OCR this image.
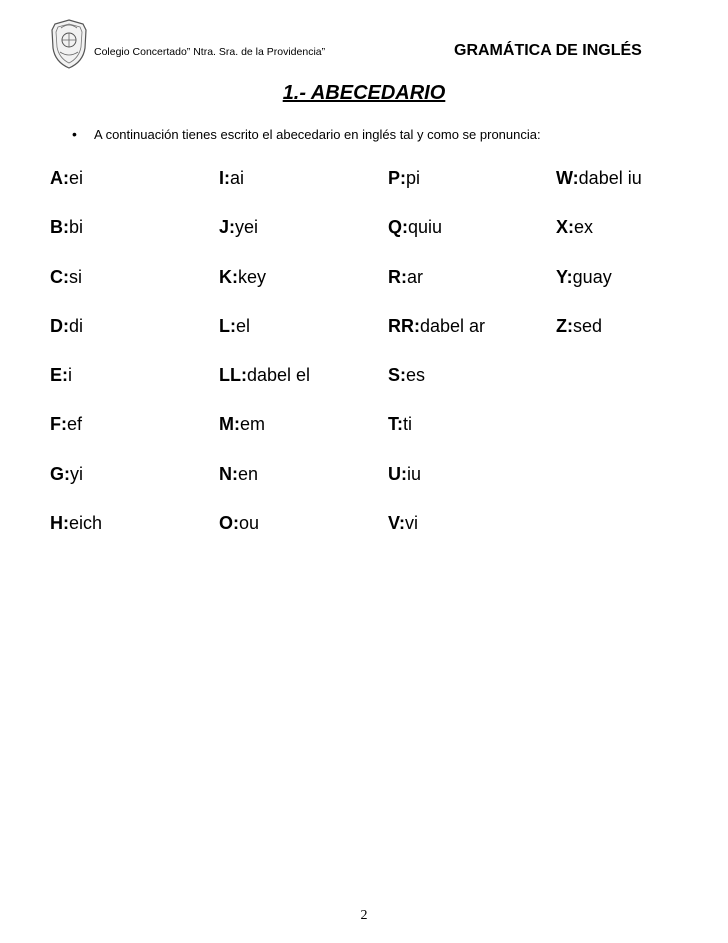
Colegio Concertado” Ntra. Sra. de la Providencia”	GRAMÁTICA DE INGLÉS
1.- ABECEDARIO
• A continuación tienes escrito el abecedario en inglés tal y como se pronuncia:
A:ei
B:bi
C:si
D:di
E:i
F:ef
G:yi
H:eich
I:ai
J:yei
K:key
L:el
LL:dabel el
M:em
N:en
O:ou
P:pi
Q:quiu
R:ar
RR:dabel ar
S:es
T:ti
U:iu
V:vi
W:dabel iu
X:ex
Y:guay
Z:sed
2
